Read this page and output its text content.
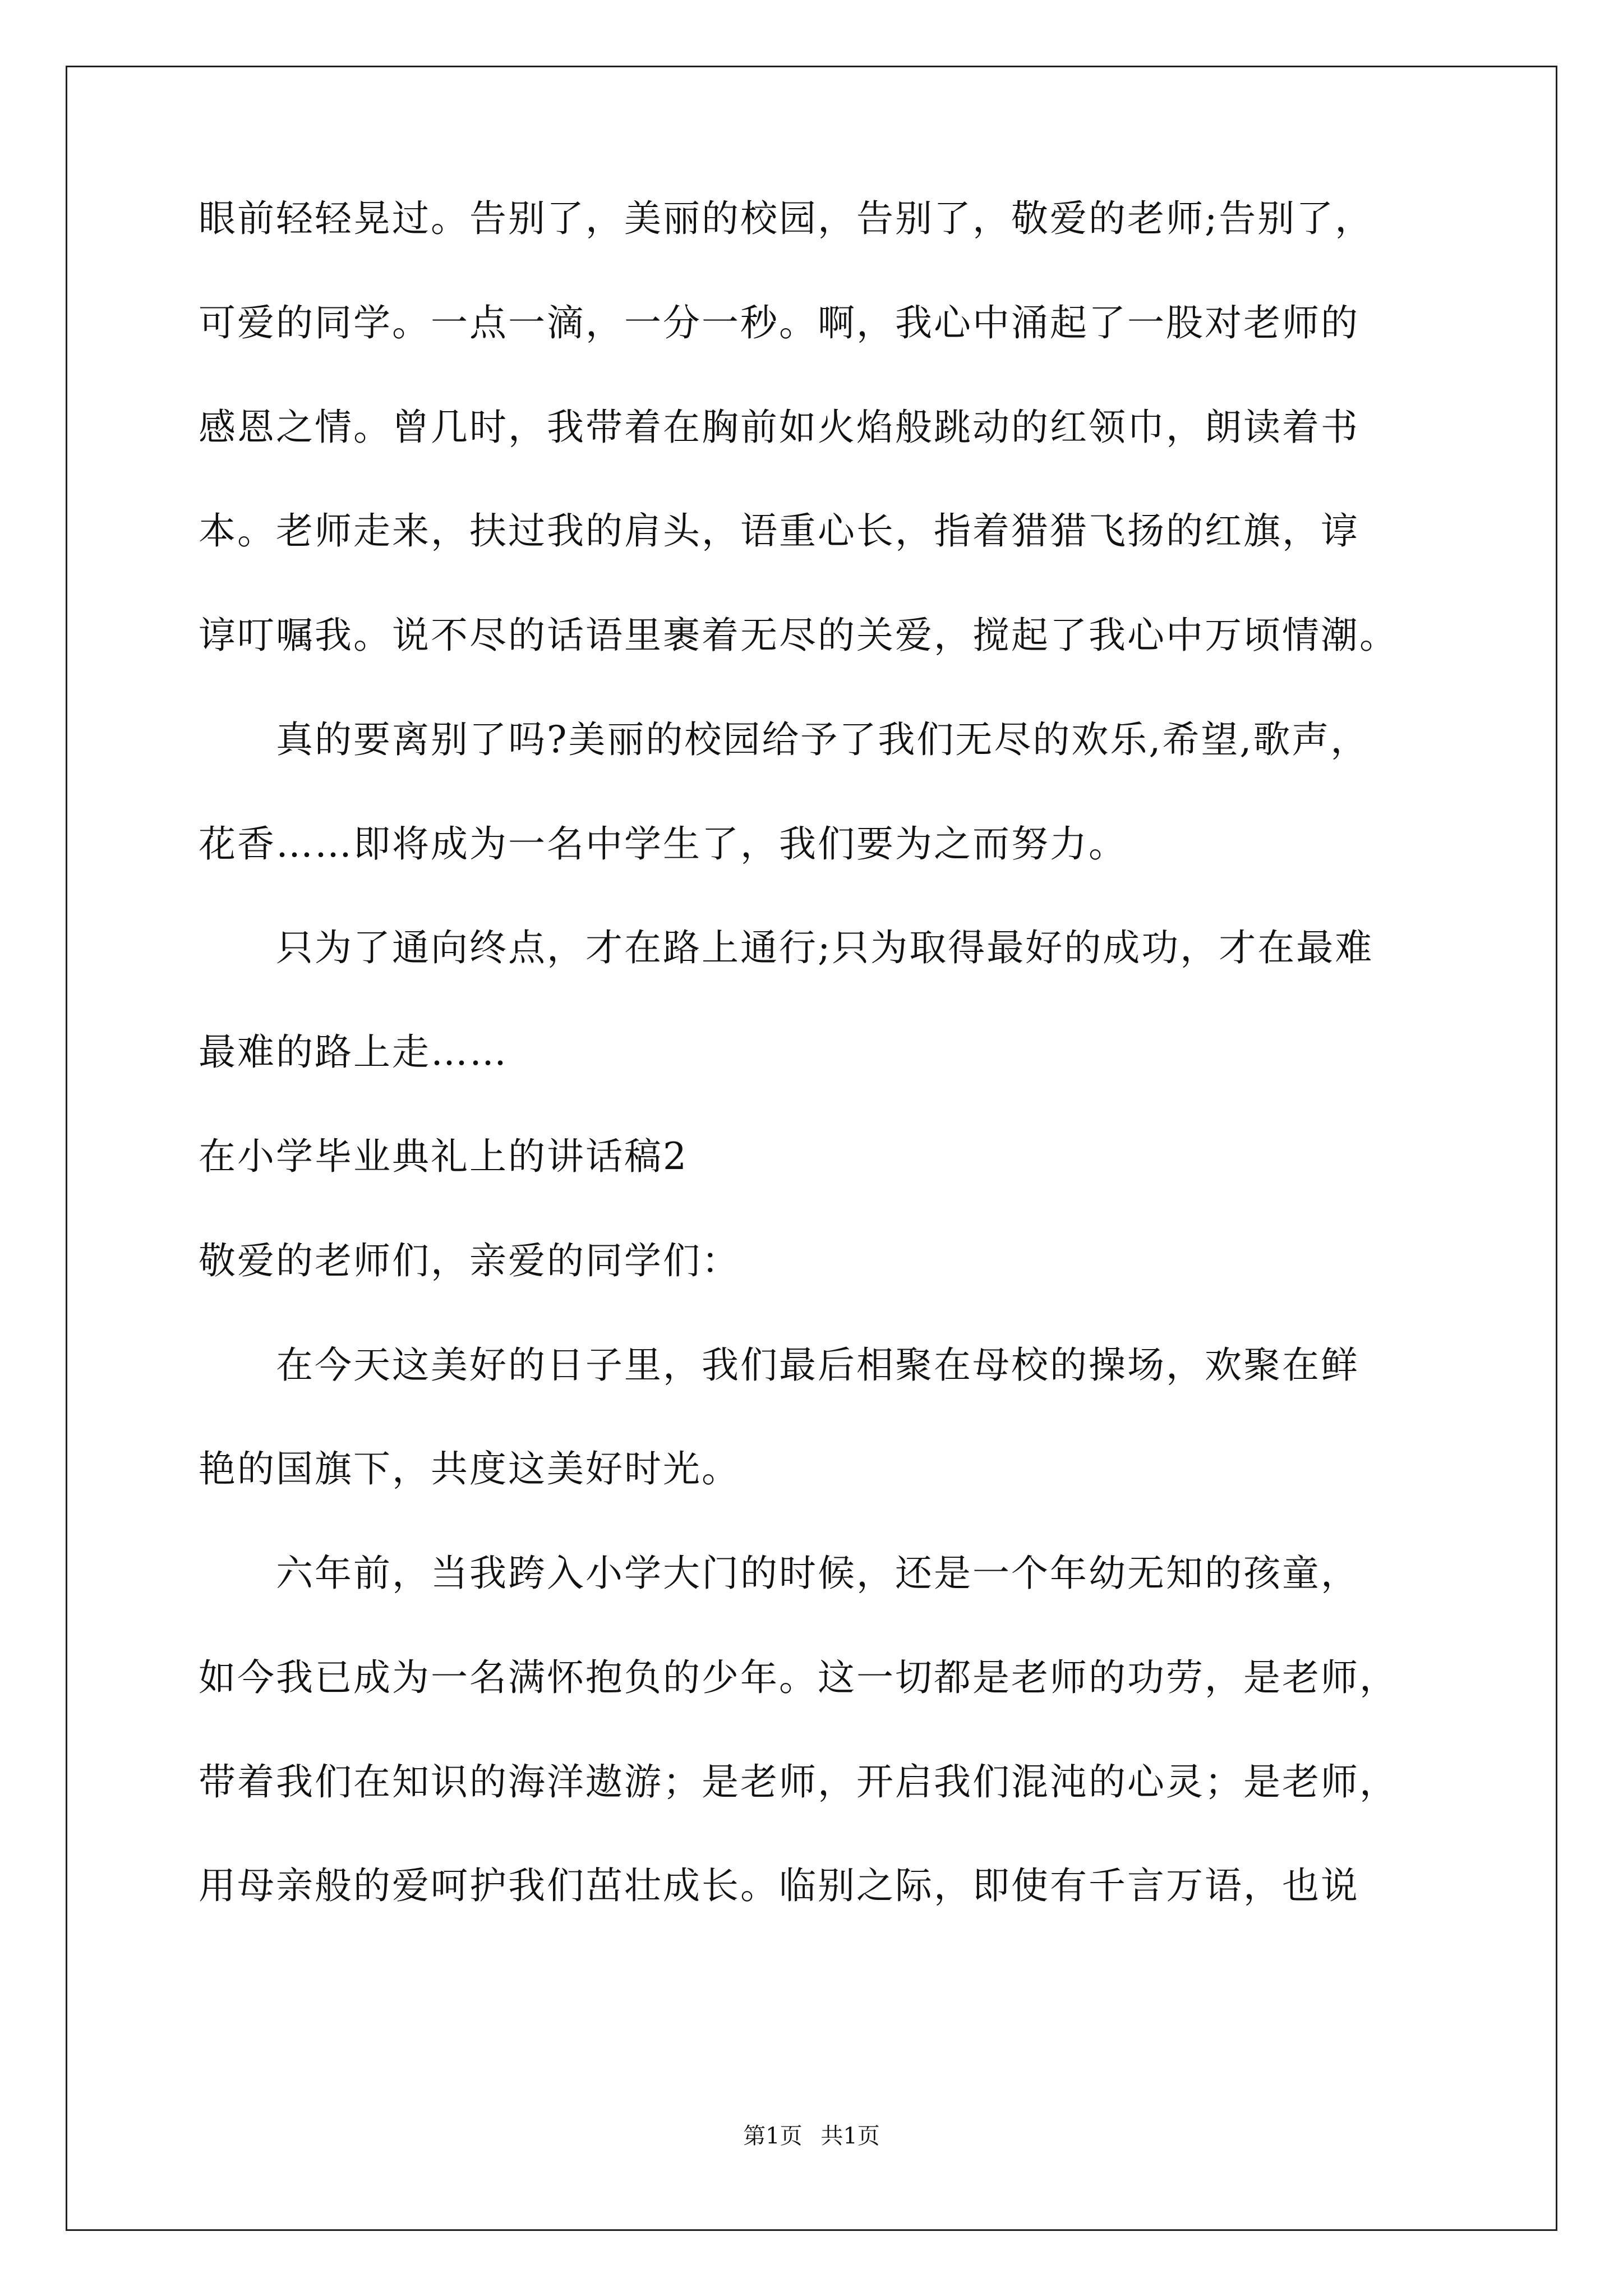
眼前轻轻晃过。告别了，美丽的校园，告别了，敬爱的老师;告别了，
可爱的同学。一点一滴，一分一秒。啊，我心中涌起了一股对老师的
感恩之情。曾几时，我带着在胸前如火焰般跳动的红领巾，朗读着书
本。老师走来，扶过我的肩头，语重心长，指着猎猎飞扬的红旗，谆
谆叮嘱我。说不尽的话语里裹着无尽的关爱，搅起了我心中万顷情潮。
　　真的要离别了吗?美丽的校园给予了我们无尽的欢乐,希望,歌声，
花香……即将成为一名中学生了，我们要为之而努力。
　　只为了通向终点，才在路上通行;只为取得最好的成功，才在最难
最难的路上走……
在小学毕业典礼上的讲话稿2
敬爱的老师们，亲爱的同学们：
　　在今天这美好的日子里，我们最后相聚在母校的操场，欢聚在鲜
艳的国旗下，共度这美好时光。
　　六年前，当我跨入小学大门的时候，还是一个年幼无知的孩童，
如今我已成为一名满怀抱负的少年。这一切都是老师的功劳，是老师，
带着我们在知识的海洋遨游；是老师，开启我们混沌的心灵；是老师，
用母亲般的爱呵护我们茁壮成长。临别之际，即使有千言万语，也说
第1页 共1页
